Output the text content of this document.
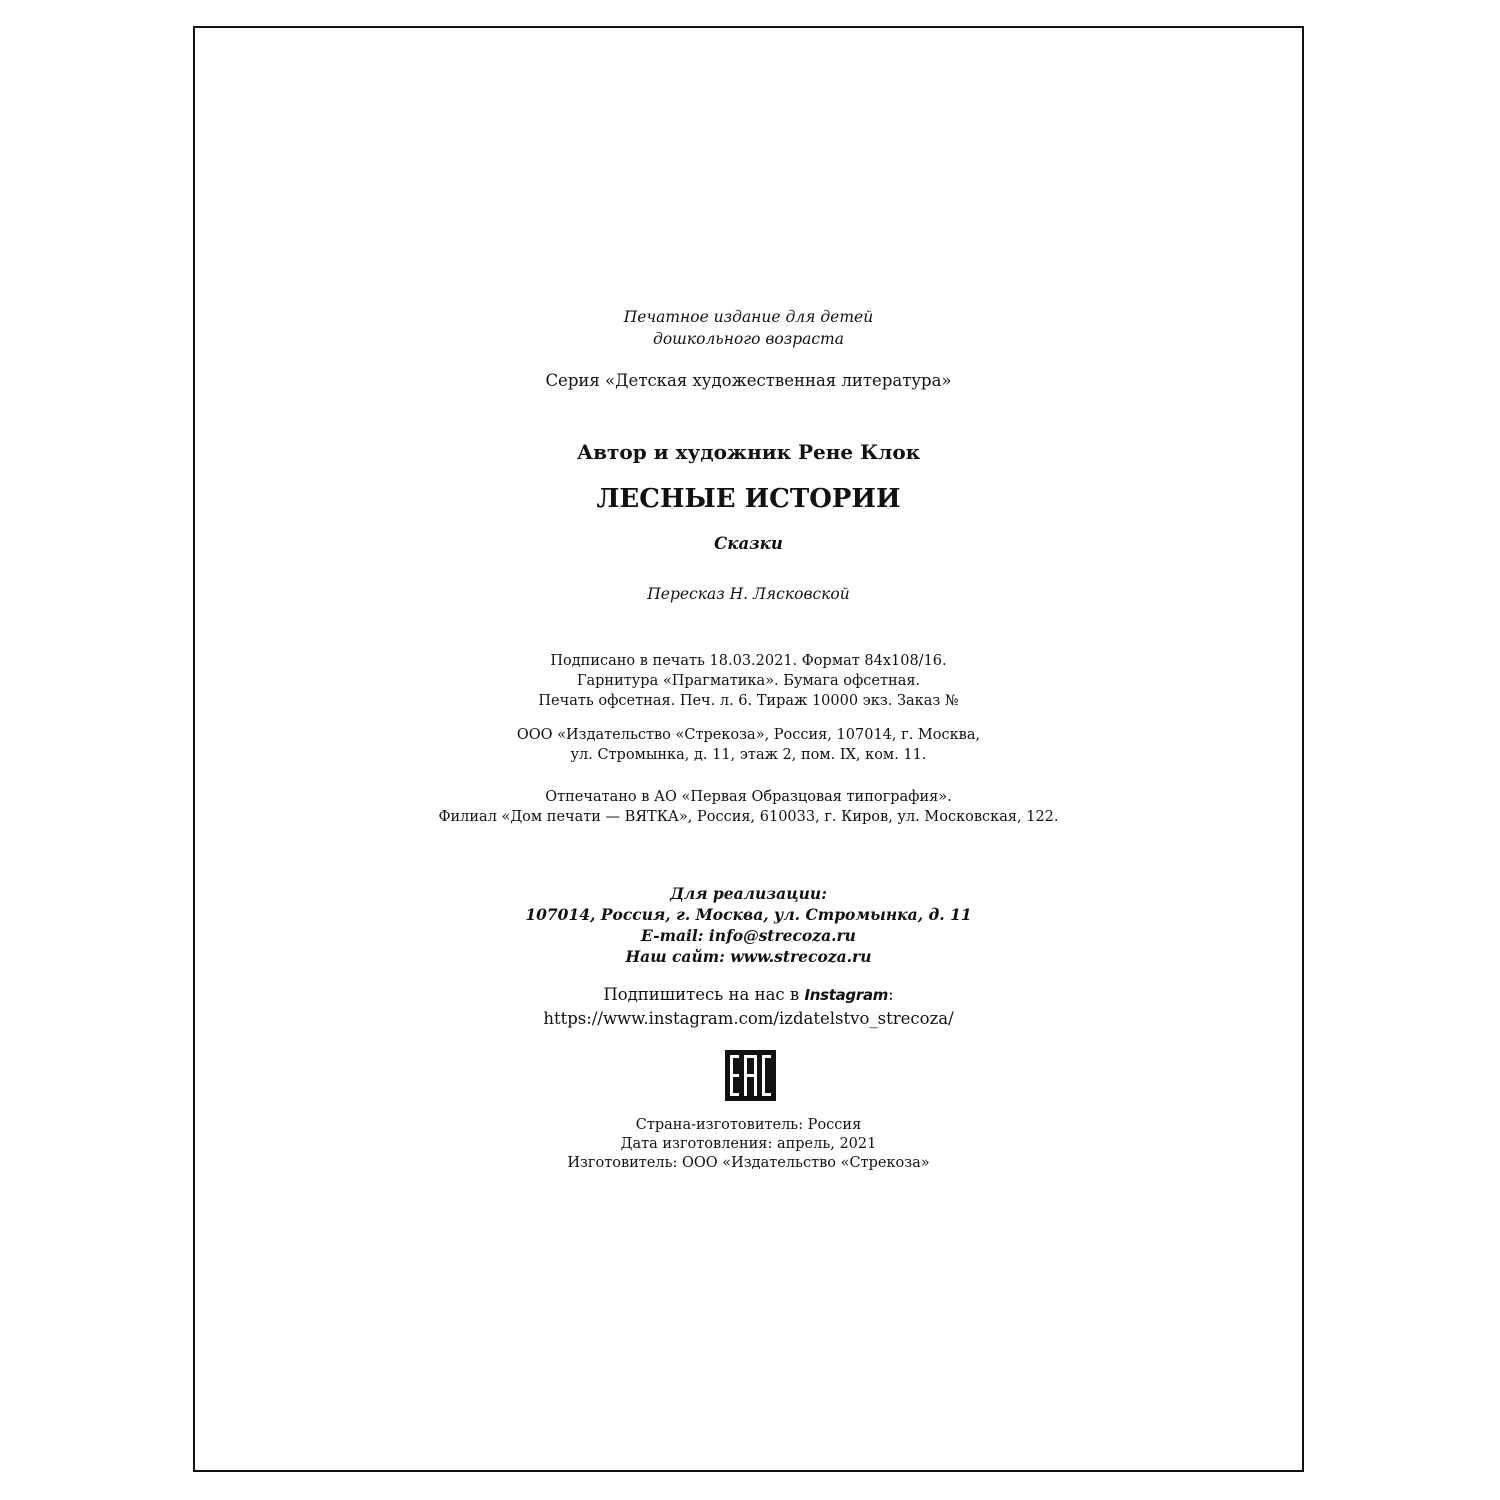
Печатное издание для детей
дошкольного возраста
Серия «Детская художественная литература»
Автор и художник Рене Клок
ЛЕСНЫЕ ИСТОРИИ
Сказки
Пересказ Н. Лясковской
Подписано в печать 18.03.2021. Формат 84x108/16.
Гарнитура «Прагматика». Бумага офсетная.
Печать офсетная. Печ. л. 6. Тираж 10000 экз. Заказ №
ООО «Издательство «Стрекоза», Россия, 107014, г. Москва,
ул. Стромынка, д. 11, этаж 2, пом. IX, ком. 11.
Отпечатано в АО «Первая Образцовая типография».
Филиал «Дом печати — ВЯТКА», Россия, 610033, г. Киров, ул. Московская, 122.
Для реализации:
107014, Россия, г. Москва, ул. Стромынка, д. 11
E-mail: info@strecoza.ru
Наш сайт: www.strecoza.ru
Подпишитесь на нас в Instagram:
https://www.instagram.com/izdatelstvo_strecoza/
Страна-изготовитель: Россия
Дата изготовления: апрель, 2021
Изготовитель: ООО «Издательство «Стрекоза»
